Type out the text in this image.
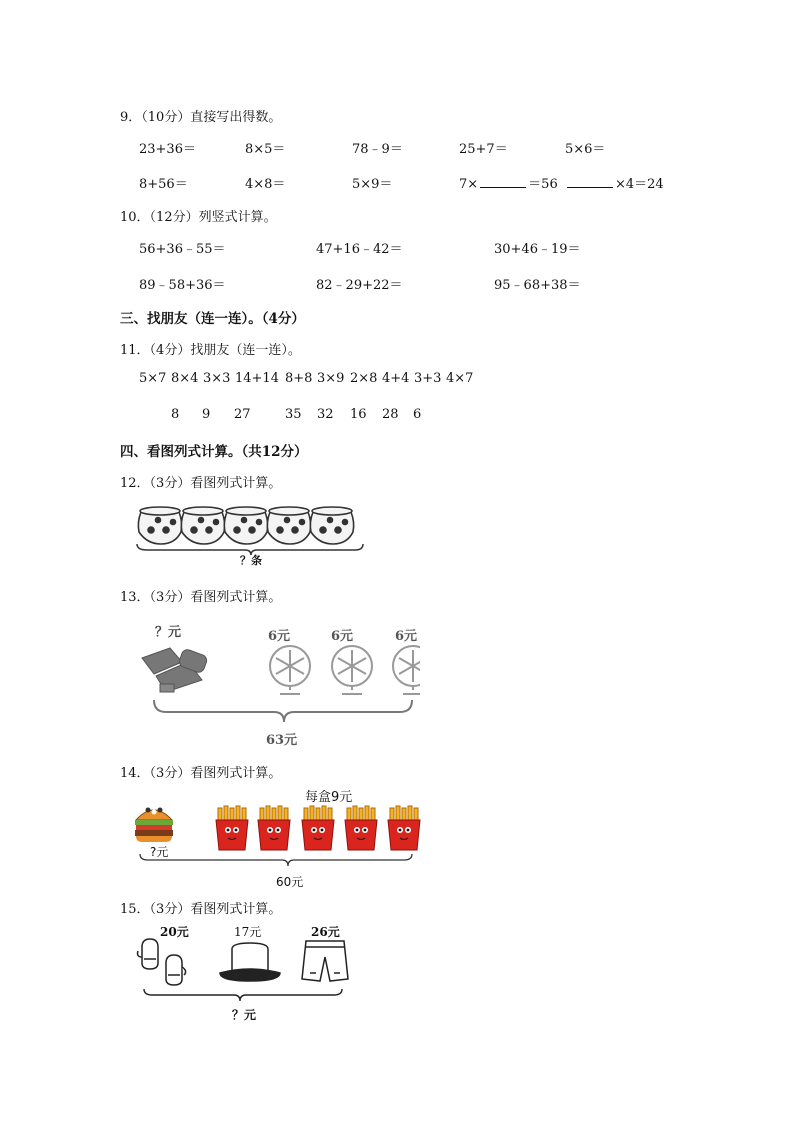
9．（10分）直接写出得数。
23+36＝	8×5＝	78﹣9＝	25+7＝	5×6＝
8+56＝	4×8＝	5×9＝	7×	＝56	×4＝24
10．（12分）列竖式计算。
56+36﹣55＝	47+16﹣42＝	30+46﹣19＝
89﹣58+36＝	82﹣29+22＝	95﹣68+38＝
三、找朋友（连一连）。（4分）
11．（4分）找朋友（连一连）。
5×7 8×4 3×3 14+14 8+8 3×9 2×8 4+4 3+3 4×7
8 9 27	35 32 16 28 6
四、看图列式计算。（共12分）
12．（3分）看图列式计算。
？条
13．（3分）看图列式计算。
？元	6元	6元	6元
63元
14．（3分）看图列式计算。
每盒9元
?元
60元
15．（3分）看图列式计算。
20元	17元	26元
？元
